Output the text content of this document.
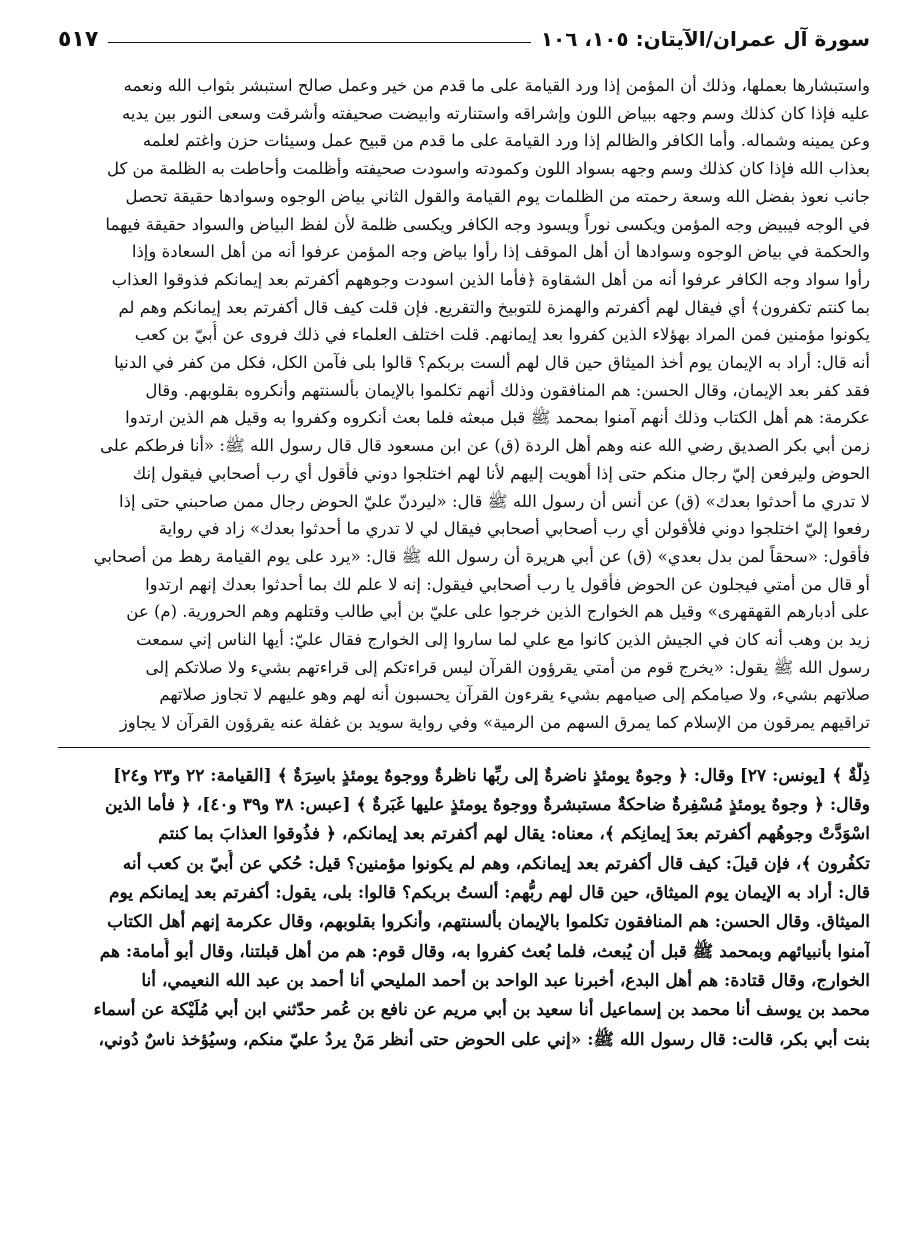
سورة آل عمران/الآيتان: ١٠٥، ١٠٦
٥١٧
واستبشارها بعملها، وذلك أن المؤمن إذا ورد القيامة على ما قدم من خير وعمل صالح استبشر بثواب الله ونعمه
عليه فإذا كان كذلك وسم وجهه ببياض اللون وإشراقه واستنارته وابيضت صحيفته وأشرقت وسعى النور بين يديه
وعن يمينه وشماله. وأما الكافر والظالم إذا ورد القيامة على ما قدم من قبيح عمل وسيئات حزن واغتم لعلمه
بعذاب الله فإذا كان كذلك وسم وجهه بسواد اللون وكمودته واسودت صحيفته وأظلمت وأحاطت به الظلمة من كل
جانب نعوذ بفضل الله وسعة رحمته من الظلمات يوم القيامة والقول الثاني بياض الوجوه وسوادها حقيقة تحصل
في الوجه فيبيض وجه المؤمن ويكسى نوراً ويسود وجه الكافر ويكسى ظلمة لأن لفظ البياض والسواد حقيقة فيهما
والحكمة في بياض الوجوه وسوادها أن أهل الموقف إذا رأوا بياض وجه المؤمن عرفوا أنه من أهل السعادة وإذا
رأوا سواد وجه الكافر عرفوا أنه من أهل الشقاوة ﴿فأما الذين اسودت وجوههم أكفرتم بعد إيمانكم فذوقوا العذاب
بما كنتم تكفرون﴾ أي فيقال لهم أكفرتم والهمزة للتوبيخ والتقريع. فإن قلت كيف قال أكفرتم بعد إيمانكم وهم لم
يكونوا مؤمنين فمن المراد بهؤلاء الذين كفروا بعد إيمانهم. قلت اختلف العلماء في ذلك فروى عن أُبيّ بن كعب
أنه قال: أراد به الإيمان يوم أخذ الميثاق حين قال لهم ألست بربكم؟ قالوا بلى فآمن الكل، فكل من كفر في الدنيا
فقد كفر بعد الإيمان، وقال الحسن: هم المنافقون وذلك أنهم تكلموا بالإيمان بألسنتهم وأنكروه بقلوبهم. وقال
عكرمة: هم أهل الكتاب وذلك أنهم آمنوا بمحمد ﷺ قبل مبعثه فلما بعث أنكروه وكفروا به وقيل هم الذين ارتدوا
زمن أبي بكر الصديق رضي الله عنه وهم أهل الردة (ق) عن ابن مسعود قال قال رسول الله ﷺ: «أنا فرطكم على
الحوض وليرفعن إليّ رجال منكم حتى إذا أهويت إليهم لأنا لهم اختلجوا دوني فأقول أي رب أصحابي فيقول إنك
لا تدري ما أحدثوا بعدك» (ق) عن أنس أن رسول الله ﷺ قال: «ليردنّ عليّ الحوض رجال ممن صاحبني حتى إذا
رفعوا إليّ اختلجوا دوني فلأقولن أي رب أصحابي أصحابي فيقال لي لا تدري ما أحدثوا بعدك» زاد في رواية
فأقول: «سحقاً لمن بدل بعدي» (ق) عن أبي هريرة أن رسول الله ﷺ قال: «يرد على يوم القيامة رهط من أصحابي
أو قال من أمتي فيجلون عن الحوض فأقول يا رب أصحابي فيقول: إنه لا علم لك بما أحدثوا بعدك إنهم ارتدوا
على أدبارهم القهقهرى» وقيل هم الخوارج الذين خرجوا على عليّ بن أبي طالب وقتلهم وهم الحرورية. (م) عن
زيد بن وهب أنه كان في الجيش الذين كانوا مع علي لما ساروا إلى الخوارج فقال عليّ: أيها الناس إني سمعت
رسول الله ﷺ يقول: «يخرج قوم من أمتي يقرؤون القرآن ليس قراءتكم إلى قراءتهم بشيء ولا صلاتكم إلى
صلاتهم بشيء، ولا صيامكم إلى صيامهم بشيء يقرءون القرآن يحسبون أنه لهم وهو عليهم لا تجاوز صلاتهم
تراقيهم يمرقون من الإسلام كما يمرق السهم من الرمية» وفي رواية سويد بن غفلة عنه يقرؤون القرآن لا يجاوز
ذِلَّةٌ ﴾ [يونس: ٢٧] وقال: ﴿ وجوهٌ يومئذٍ ناضرةٌ إلى ربِّها ناظرةٌ ووجوهٌ يومئذٍ باسِرَةٌ ﴾ [القيامة: ٢٢ و٢٣ و٢٤]
وقال: ﴿ وجوهٌ يومئذٍ مُسْفِرةٌ ضاحكةٌ مستبشرةٌ ووجوهٌ يومئذٍ عليها غَبَرةٌ ﴾ [عبس: ٣٨ و٣٩ و٤٠]، ﴿ فأما الذين
اسْوَدَّتْ وجوهُهم أكفرتم بعدَ إيمانِكم ﴾، معناه: يقال لهم أكفرتم بعد إيمانكم، ﴿ فذُوقوا العذابَ بما كنتم
تكفُرون ﴾، فإن قيلَ: كيف قال أكفرتم بعد إيمانكم، وهم لم يكونوا مؤمنين؟ قيل: حُكي عن أُبيّ بن كعب أنه
قال: أراد به الإيمان يوم الميثاق، حين قال لهم ربُّهم: ألستُ بربكم؟ قالوا: بلى، يقول: أكفرتم بعد إيمانكم يوم
الميثاق. وقال الحسن: هم المنافقون تكلموا بالإيمان بألسنتهم، وأنكروا بقلوبهم، وقال عكرمة إنهم أهل الكتاب
آمنوا بأنبيائهم وبمحمد ﷺ قبل أن يُبعث، فلما بُعث كفروا به، وقال قوم: هم من أهل قبلتنا، وقال أبو أُمامة: هم
الخوارج، وقال قتادة: هم أهل البدع، أخبرنا عبد الواحد بن أحمد المليحي أنا أحمد بن عبد الله النعيمي، أنا
محمد بن يوسف أنا محمد بن إسماعيل أنا سعيد بن أبي مريم عن نافع بن عُمر حدّثني ابن أبي مُلَيْكة عن أسماء
بنت أبي بكر، قالت: قال رسول الله ﷺ: «إني على الحوض حتى أنظر مَنْ يردُ عليّ منكم، وسيُؤخذ ناسٌ دُوني،
